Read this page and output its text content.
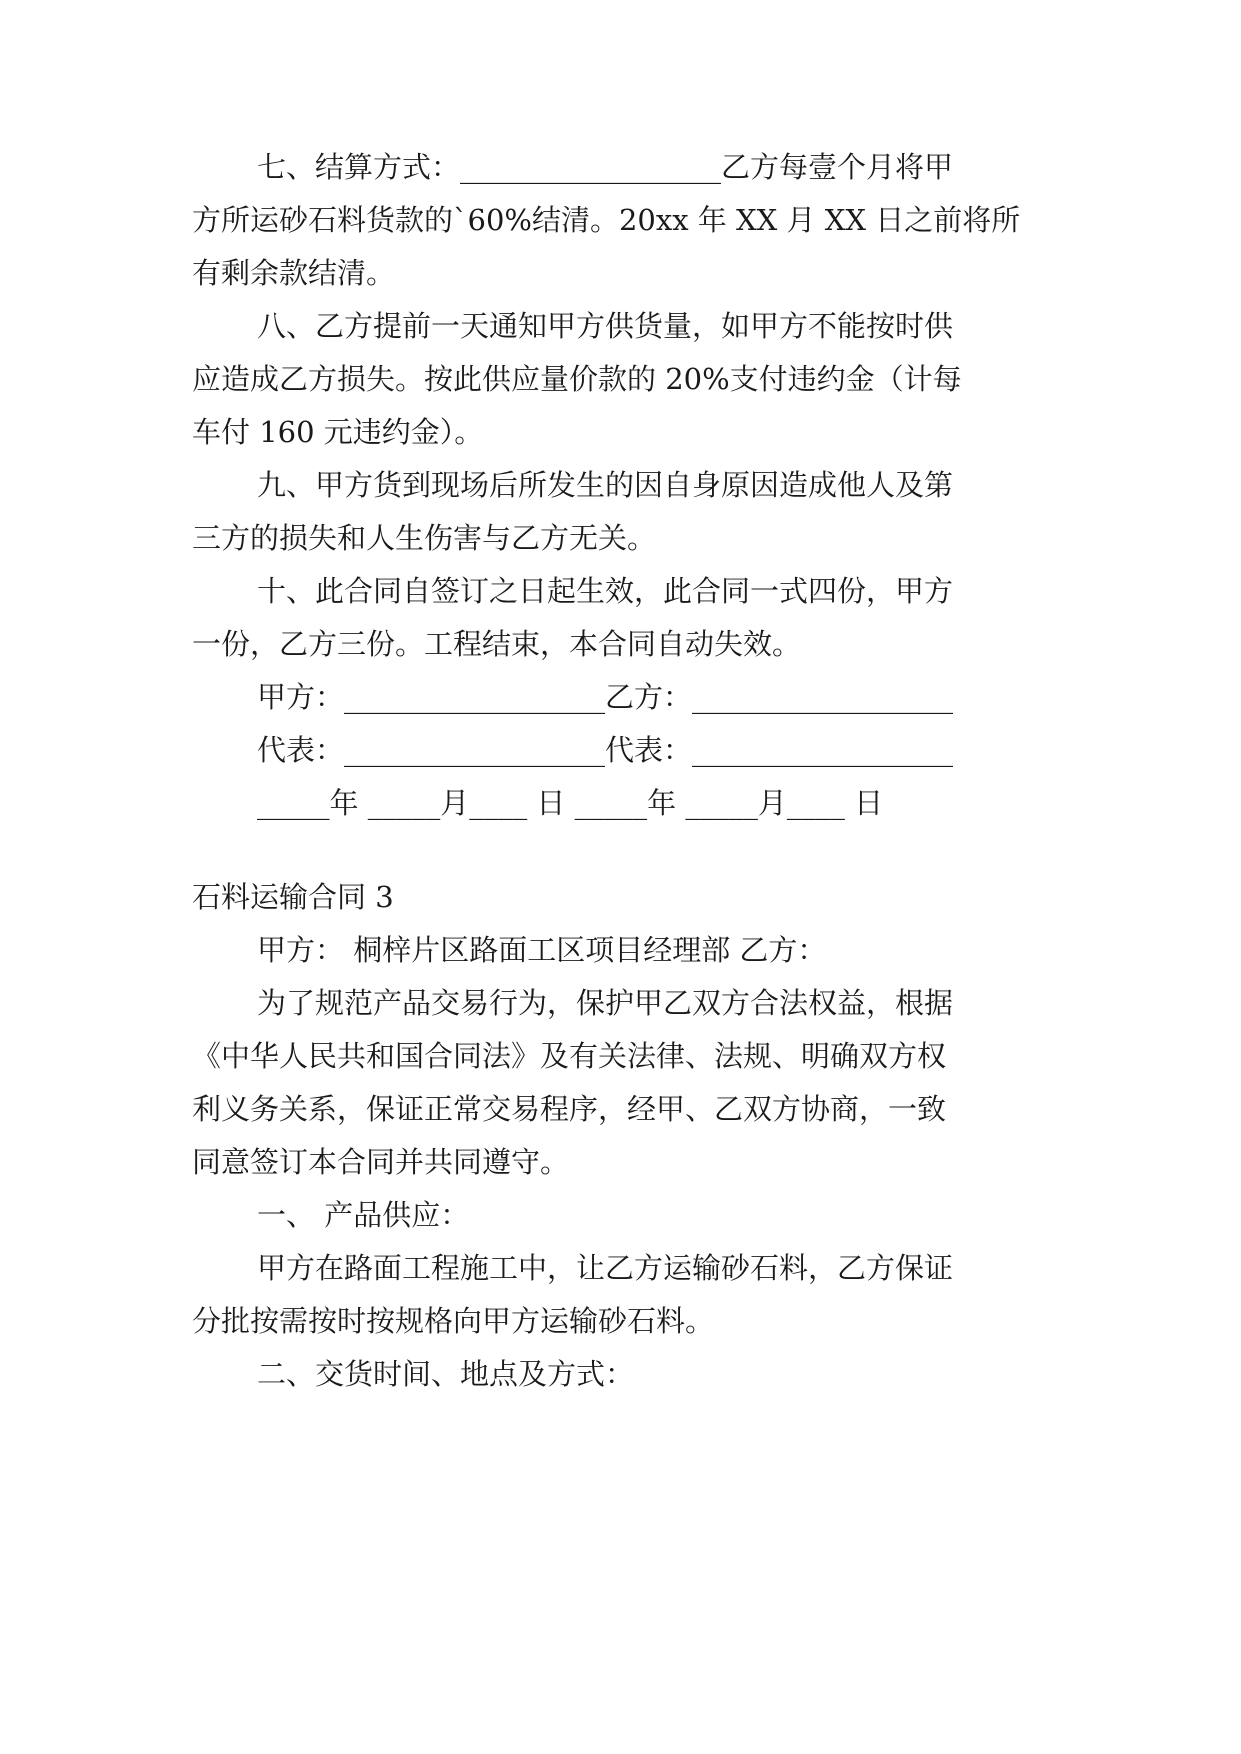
七、结算方式：__________________乙方每壹个月将甲
方所运砂石料货款的`60%结清。20xx 年 XX 月 XX 日之前将所
有剩余款结清。
八、乙方提前一天通知甲方供货量，如甲方不能按时供
应造成乙方损失。按此供应量价款的 20%支付违约金（计每
车付 160 元违约金）。
九、甲方货到现场后所发生的因自身原因造成他人及第
三方的损失和人生伤害与乙方无关。
十、此合同自签订之日起生效，此合同一式四份，甲方
一份，乙方三份。工程结束，本合同自动失效。
甲方：__________________乙方：__________________
代表：__________________代表：__________________
_____年 _____月____ 日 _____年 _____月____ 日
石料运输合同 3
甲方： 桐梓片区路面工区项目经理部 乙方：
为了规范产品交易行为，保护甲乙双方合法权益，根据
《中华人民共和国合同法》及有关法律、法规、明确双方权
利义务关系，保证正常交易程序，经甲、乙双方协商，一致
同意签订本合同并共同遵守。
一、 产品供应：
甲方在路面工程施工中，让乙方运输砂石料，乙方保证
分批按需按时按规格向甲方运输砂石料。
二、交货时间、地点及方式：
